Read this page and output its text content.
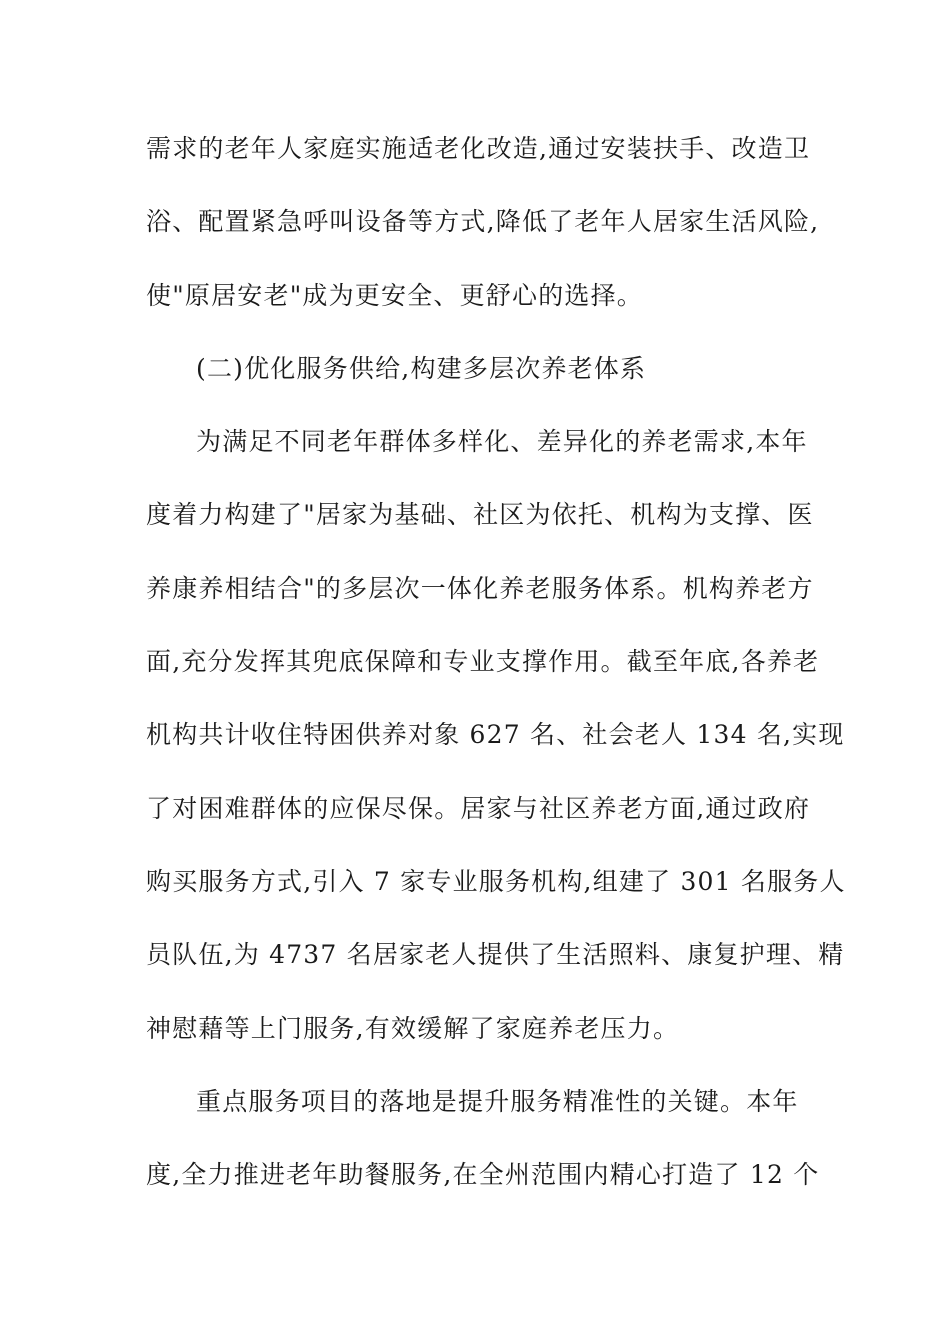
需求的老年人家庭实施适老化改造,通过安装扶手、改造卫
浴、配置紧急呼叫设备等方式,降低了老年人居家生活风险,
使"原居安老"成为更安全、更舒心的选择。
(二)优化服务供给,构建多层次养老体系
为满足不同老年群体多样化、差异化的养老需求,本年
度着力构建了"居家为基础、社区为依托、机构为支撑、医
养康养相结合"的多层次一体化养老服务体系。机构养老方
面,充分发挥其兜底保障和专业支撑作用。截至年底,各养老
机构共计收住特困供养对象 627 名、社会老人 134 名,实现
了对困难群体的应保尽保。居家与社区养老方面,通过政府
购买服务方式,引入 7 家专业服务机构,组建了 301 名服务人
员队伍,为 4737 名居家老人提供了生活照料、康复护理、精
神慰藉等上门服务,有效缓解了家庭养老压力。
重点服务项目的落地是提升服务精准性的关键。本年
度,全力推进老年助餐服务,在全州范围内精心打造了 12 个
